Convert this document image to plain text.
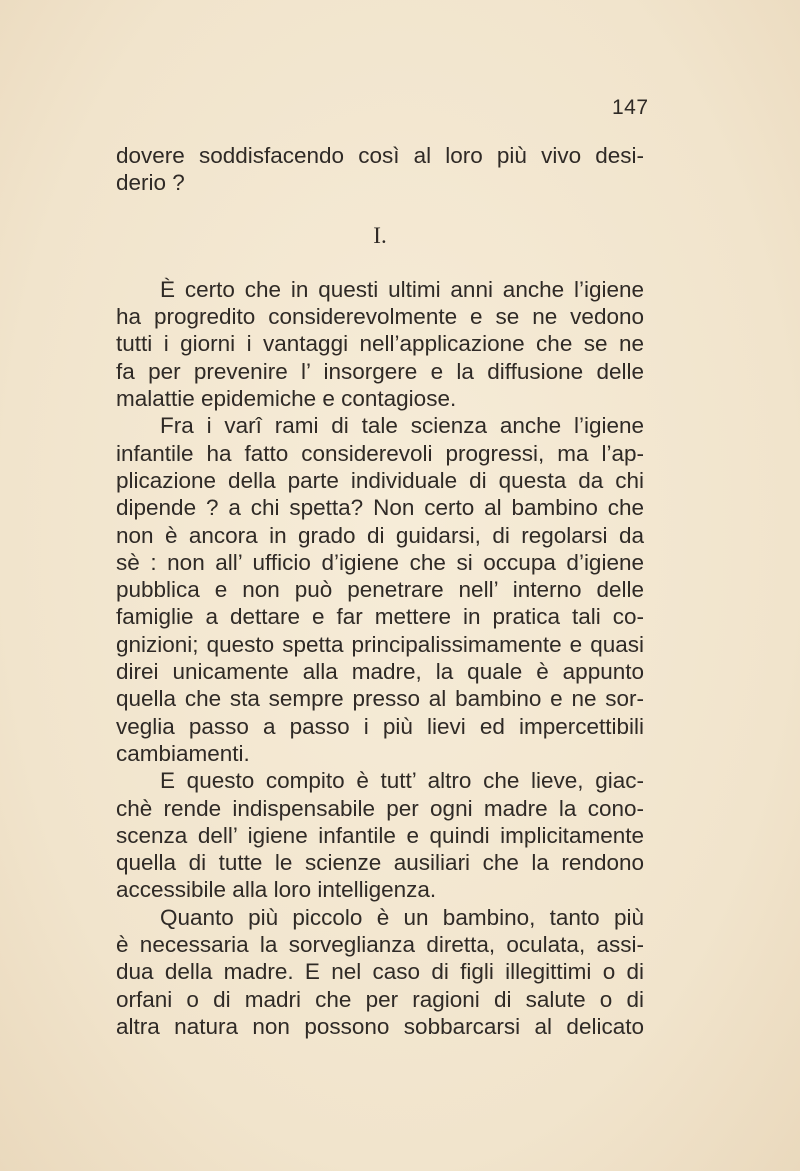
147
dovere soddisfacendo così al loro più vivo desi-
derio ?
I.
È certo che in questi ultimi anni anche l’igiene
ha progredito considerevolmente e se ne vedono
tutti i giorni i vantaggi nell’applicazione che se ne
fa per prevenire l’ insorgere e la diffusione delle
malattie epidemiche e contagiose.
Fra i varî rami di tale scienza anche l’igiene
infantile ha fatto considerevoli progressi, ma l’ap-
plicazione della parte individuale di questa da chi
dipende ? a chi spetta? Non certo al bambino che
non è ancora in grado di guidarsi, di regolarsi da
sè : non all’ ufficio d’igiene che si occupa d’igiene
pubblica e non può penetrare nell’ interno delle
famiglie a dettare e far mettere in pratica tali co-
gnizioni; questo spetta principalissimamente e quasi
direi unicamente alla madre, la quale è appunto
quella che sta sempre presso al bambino e ne sor-
veglia passo a passo i più lievi ed impercettibili
cambiamenti.
E questo compito è tutt’ altro che lieve, giac-
chè rende indispensabile per ogni madre la cono-
scenza dell’ igiene infantile e quindi implicitamente
quella di tutte le scienze ausiliari che la rendono
accessibile alla loro intelligenza.
Quanto più piccolo è un bambino, tanto più
è necessaria la sorveglianza diretta, oculata, assi-
dua della madre. E nel caso di figli illegittimi o di
orfani o di madri che per ragioni di salute o di
altra natura non possono sobbarcarsi al delicato
